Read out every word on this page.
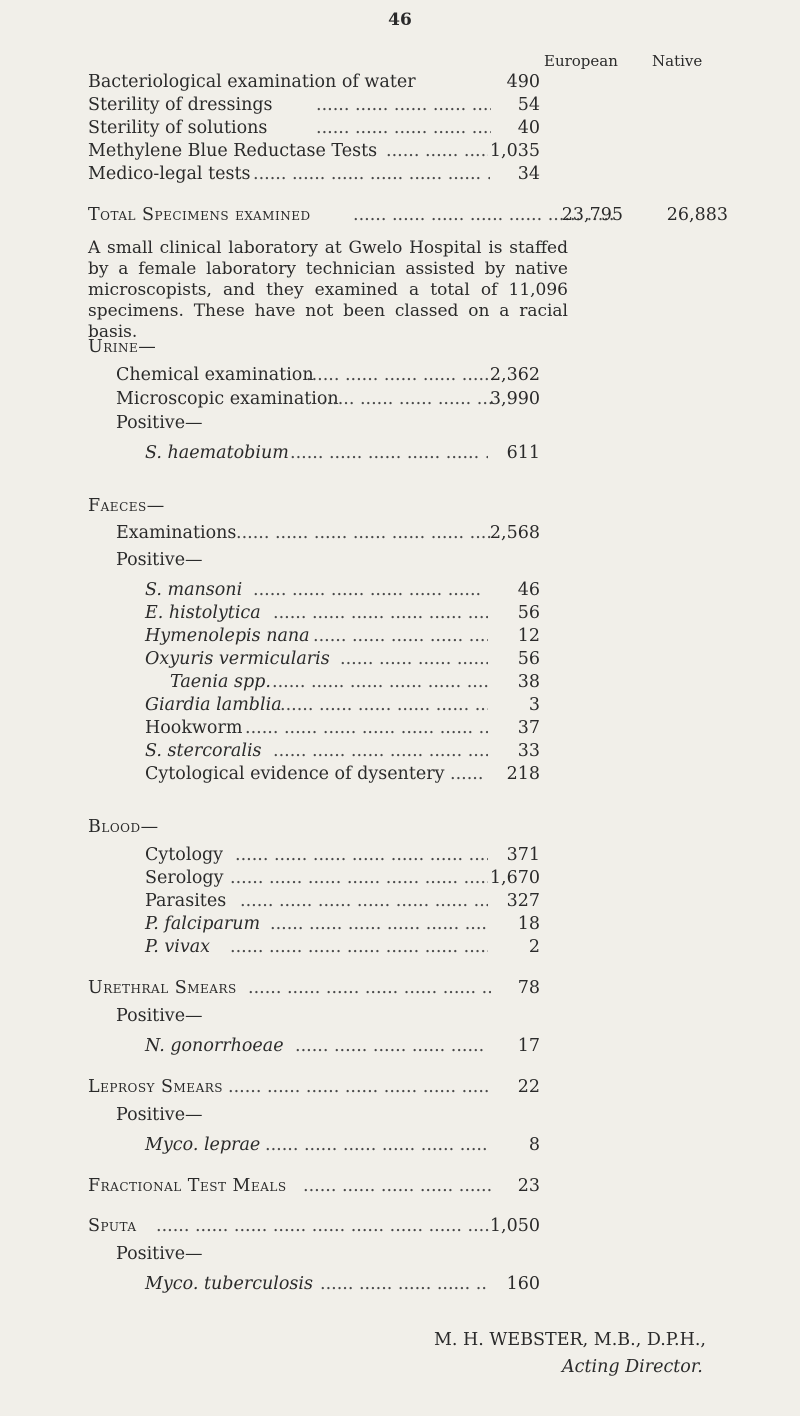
46
European Native
Bacteriological examination of water	490
Sterility of dressings .....	54
Sterility of solutions .....	40
Methylene Blue Reductase Tests .....	1,035
Medico-legal tests .....	34
Total Specimens examined .....	23,795	26,883

A small clinical laboratory at Gwelo Hospital is staffed by a female laboratory technician assisted by native microscopists, and they examined a total of 11,096 specimens. These have not been classed on a racial basis.

Urine—
Chemical examination .....	2,362
Microscopic examination .....	3,990
Positive—
S. haematobium .....	611
Faeces—
Examinations .....	2,568
Positive—
S. mansoni .....	46
E. histolytica .....	56
Hymenolepis nana .....	12
Oxyuris vermicularis .....	56
Taenia spp. .....	38
Giardia lamblia .....	3
Hookworm .....	37
S. stercoralis .....	33
Cytological evidence of dysentery .....	218
Blood—
Cytology .....	371
Serology .....	1,670
Parasites .....	327
P. falciparum .....	18
P. vivax .....	2
Urethral Smears .....	78
Positive—
N. gonorrhoeae .....	17
Leprosy Smears .....	22
Positive—
Myco. leprae .....	8
Fractional Test Meals .....	23
Sputa .....	1,050
Positive—
Myco. tuberculosis .....	160
M. H. WEBSTER, M.B., D.P.H.,
Acting Director.
